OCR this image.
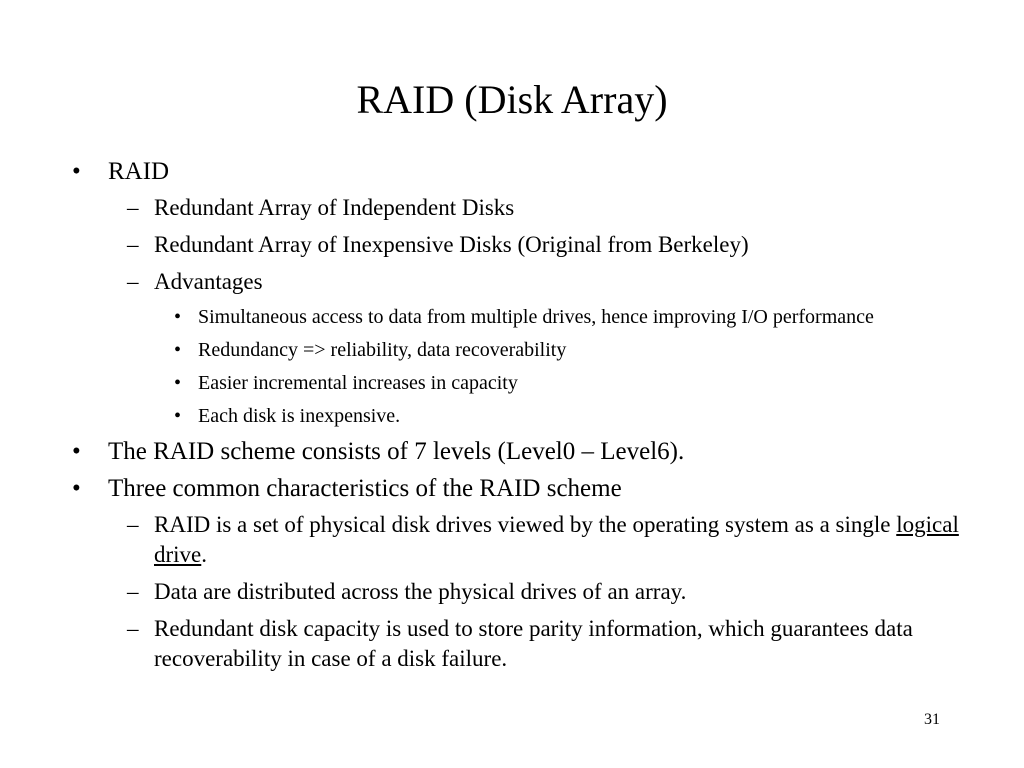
RAID (Disk Array)
•	RAID
– Redundant Array of Independent Disks
– Redundant Array of Inexpensive Disks (Original from Berkeley)
– Advantages
• Simultaneous access to data from multiple drives, hence improving I/O performance
• Redundancy => reliability, data recoverability
• Easier incremental increases in capacity
• Each disk is inexpensive.
•	The RAID scheme consists of 7 levels (Level0 – Level6).
•	Three common characteristics of the RAID scheme
– RAID is a set of physical disk drives viewed by the operating system as a single logical drive.
– Data are distributed across the physical drives of an array.
– Redundant disk capacity is used to store parity information, which guarantees data recoverability in case of a disk failure.
31
